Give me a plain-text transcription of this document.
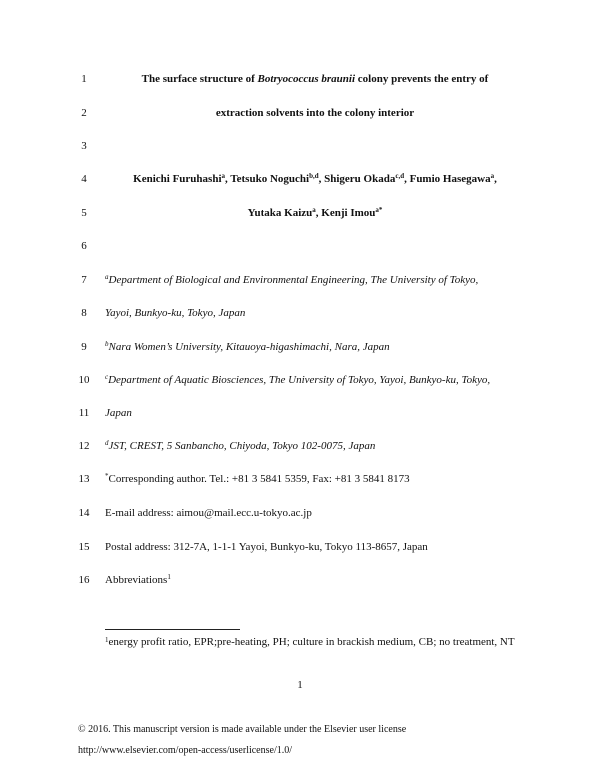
1
2
3
4
5
6
7
8
9
10
11
12
13
14
15
16
The surface structure of Botryococcus braunii colony prevents the entry of
extraction solvents into the colony interior
Kenichi Furuhashi$^a$, Tetsuko Noguchi$^{b,d}$, Shigeru Okada$^{c,d}$, Fumio Hasegawa$^a$,
Yutaka Kaizu$^a$, Kenji Imou$^{a*}$
$^a$Department of Biological and Environmental Engineering, The University of Tokyo,
Yayoi, Bunkyo-ku, Tokyo, Japan
$^b$Nara Women’s University, Kitauoya-higashimachi, Nara, Japan
$^c$Department of Aquatic Biosciences, The University of Tokyo, Yayoi, Bunkyo-ku, Tokyo,
Japan
$^d$JST, CREST, 5 Sanbancho, Chiyoda, Tokyo 102-0075, Japan
*Corresponding author. Tel.: +81 3 5841 5359, Fax: +81 3 5841 8173
E-mail address: aimou@mail.ecc.u-tokyo.ac.jp
Postal address: 312-7A, 1-1-1 Yayoi, Bunkyo-ku, Tokyo 113-8657, Japan
Abbreviations$^1$
$^1$energy profit ratio, EPR;pre-heating, PH; culture in brackish medium, CB; no treatment, NT
1
© 2016. This manuscript version is made available under the Elsevier user license
http://www.elsevier.com/open-access/userlicense/1.0/
